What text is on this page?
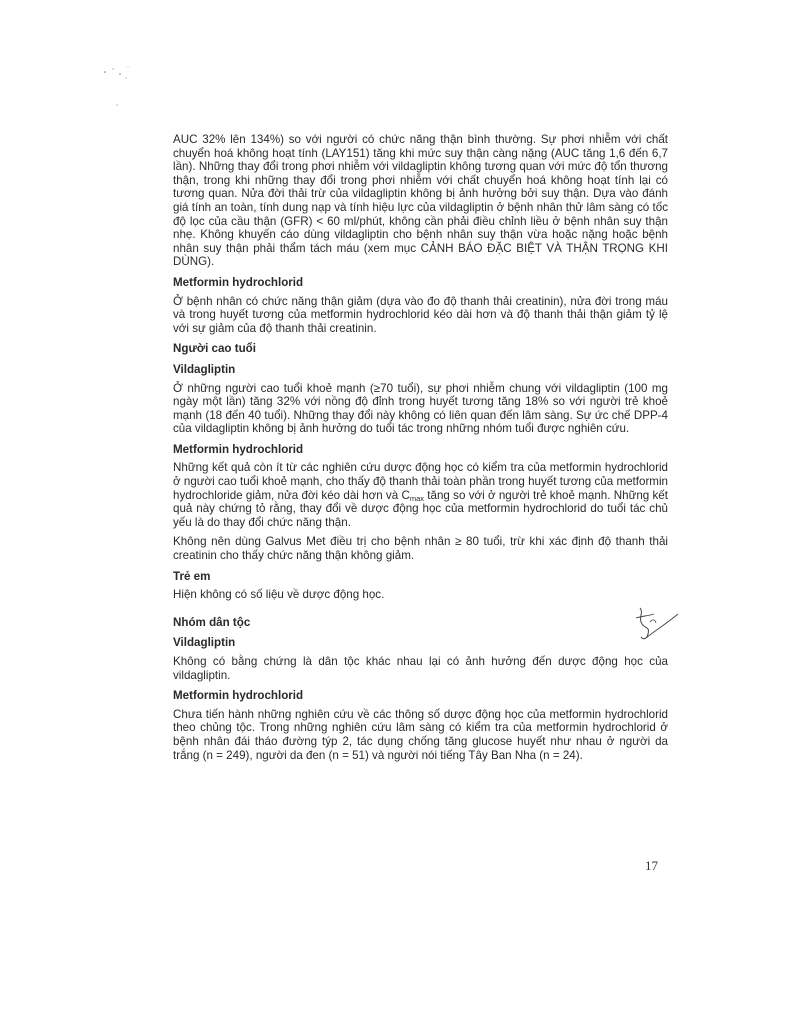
AUC 32% lên 134%) so với người có chức năng thận bình thường. Sự phơi nhiễm với chất chuyển hoá không hoạt tính (LAY151) tăng khi mức suy thận càng nặng (AUC tăng 1,6 đến 6,7 lần). Những thay đổi trong phơi nhiễm với vildagliptin không tương quan với mức độ tổn thương thận, trong khi những thay đổi trong phơi nhiễm với chất chuyển hoá không hoạt tính lại có tương quan. Nửa đời thải trừ của vildagliptin không bị ảnh hưởng bởi suy thận. Dựa vào đánh giá tính an toàn, tính dung nạp và tính hiệu lực của vildagliptin ở bệnh nhân thử lâm sàng có tốc độ lọc của cầu thận (GFR) < 60 ml/phút, không cần phải điều chỉnh liều ở bệnh nhân suy thận nhẹ. Không khuyến cáo dùng vildagliptin cho bệnh nhân suy thận vừa hoặc nặng hoặc bệnh nhân suy thận phải thẩm tách máu (xem mục CẢNH BÁO ĐẶC BIỆT VÀ THẬN TRỌNG KHI DÙNG).

Metformin hydrochlorid

Ở bệnh nhân có chức năng thận giảm (dựa vào đo độ thanh thải creatinin), nửa đời trong máu và trong huyết tương của metformin hydrochlorid kéo dài hơn và độ thanh thải thận giảm tỷ lệ với sự giảm của độ thanh thải creatinin.

Người cao tuổi
Vildagliptin

Ở những người cao tuổi khoẻ mạnh (≥70 tuổi), sự phơi nhiễm chung với vildagliptin (100 mg ngày một lần) tăng 32% với nồng độ đỉnh trong huyết tương tăng 18% so với người trẻ khoẻ mạnh (18 đến 40 tuổi). Những thay đổi này không có liên quan đến lâm sàng. Sự ức chế DPP-4 của vildagliptin không bị ảnh hưởng do tuổi tác trong những nhóm tuổi được nghiên cứu.

Metformin hydrochlorid

Những kết quả còn ít từ các nghiên cứu dược động học có kiểm tra của metformin hydrochlorid ở người cao tuổi khoẻ mạnh, cho thấy độ thanh thải toàn phần trong huyết tương của metformin hydrochloride giảm, nửa đời kéo dài hơn và $C_{max}$ tăng so với ở người trẻ khoẻ mạnh. Những kết quả này chứng tỏ rằng, thay đổi về dược động học của metformin hydrochlorid do tuổi tác chủ yếu là do thay đổi chức năng thận.

Không nên dùng Galvus Met điều trị cho bệnh nhân ≥ 80 tuổi, trừ khi xác định độ thanh thải creatinin cho thấy chức năng thận không giảm.

Trẻ em

Hiện không có số liệu về dược động học.

Nhóm dân tộc
Vildagliptin

Không có bằng chứng là dân tộc khác nhau lại có ảnh hưởng đến dược động học của vildagliptin.

Metformin hydrochlorid

Chưa tiến hành những nghiên cứu về các thông số dược động học của metformin hydrochlorid theo chủng tộc. Trong những nghiên cứu lâm sàng có kiểm tra của metformin hydrochlorid ở bệnh nhân đái tháo đường týp 2, tác dụng chống tăng glucose huyết như nhau ở người da trắng (n = 249), người da đen (n = 51) và người nói tiếng Tây Ban Nha (n = 24).

17
